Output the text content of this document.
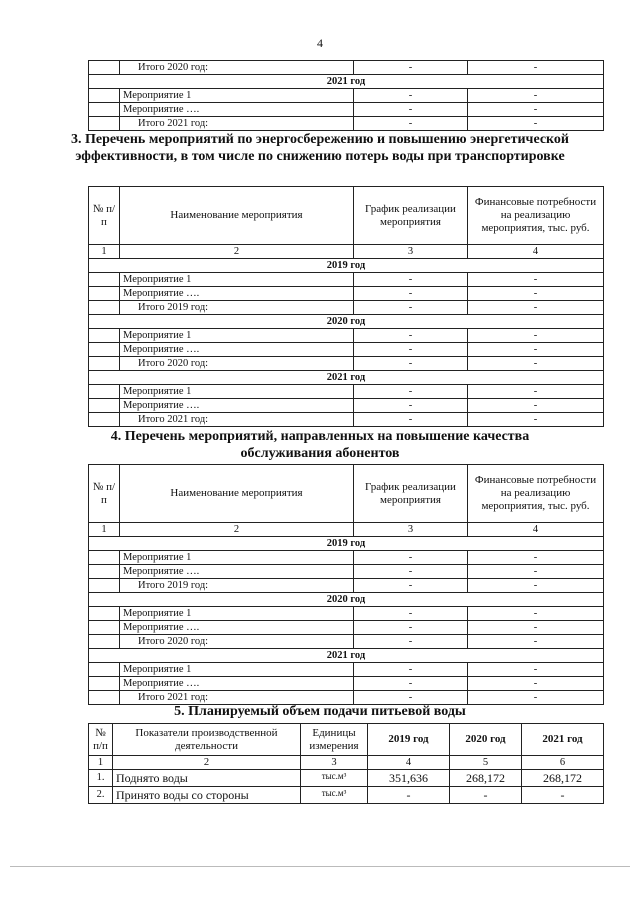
4
	Итого 2020 год:	-	-
2021 год			
	Мероприятие 1	-	-
	Мероприятие ….	-	-
	Итого 2021 год:	-	-
3. Перечень мероприятий по энергосбережению и повышению энергетической эффективности, в том числе по снижению потерь воды при транспортировке
№ п/п	Наименование мероприятия	График реализации мероприятия	Финансовые потребности на реализацию мероприятия, тыс. руб.
1	2	3	4
2019 год			
	Мероприятие 1	-	-
	Мероприятие ….	-	-
	Итого 2019 год:	-	-
2020 год			
	Мероприятие 1	-	-
	Мероприятие ….	-	-
	Итого 2020 год:	-	-
2021 год			
	Мероприятие 1	-	-
	Мероприятие ….	-	-
	Итого 2021 год:	-	-
4. Перечень мероприятий, направленных на повышение качества обслуживания абонентов
№ п/п	Наименование мероприятия	График реализации мероприятия	Финансовые потребности на реализацию мероприятия, тыс. руб.
1	2	3	4
2019 год			
	Мероприятие 1	-	-
	Мероприятие ….	-	-
	Итого 2019 год:	-	-
2020 год			
	Мероприятие 1	-	-
	Мероприятие ….	-	-
	Итого 2020 год:	-	-
2021 год			
	Мероприятие 1	-	-
	Мероприятие ….	-	-
	Итого 2021 год:	-	-
5. Планируемый объем подачи питьевой воды
№ п/п	Показатели производственной деятельности	Единицы измерения	2019 год	2020 год	2021 год
1	2	3	4	5	6
1.	Поднято воды	тыс.м³	351,636	268,172	268,172
2.	Принято воды со стороны	тыс.м³	-	-	-
